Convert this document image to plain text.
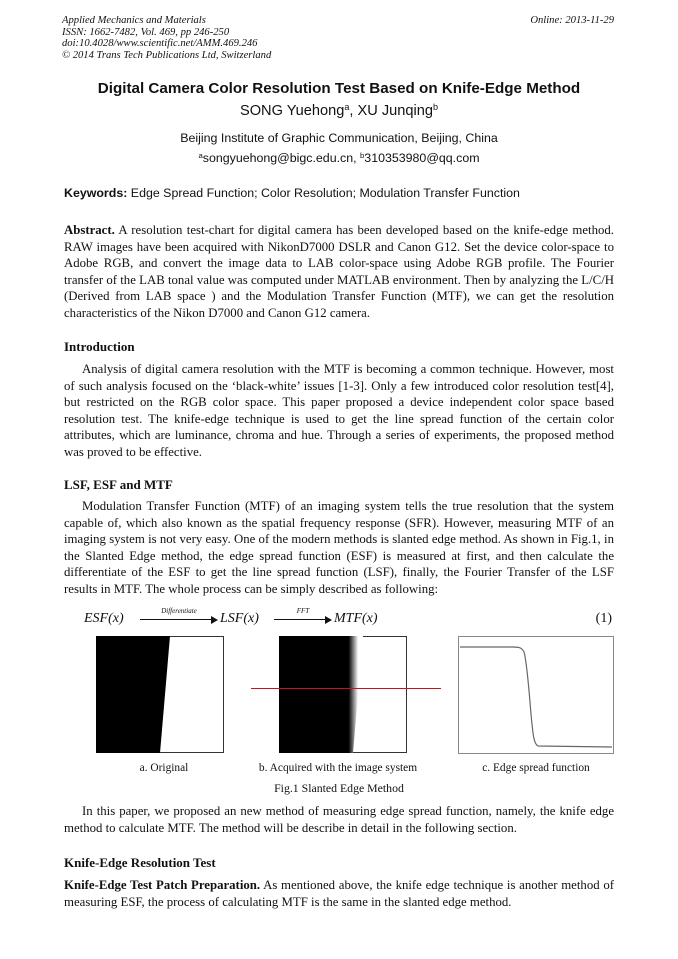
Applied Mechanics and Materials
ISSN: 1662-7482, Vol. 469, pp 246-250
doi:10.4028/www.scientific.net/AMM.469.246
© 2014 Trans Tech Publications Ltd, Switzerland
Online: 2013-11-29
Digital Camera Color Resolution Test Based on Knife-Edge Method
SONG Yuehong$^a$, XU Junqing$^b$
Beijing Institute of Graphic Communication, Beijing, China
$^a$songyuehong@bigc.edu.cn, $^b$310353980@qq.com
Keywords: Edge Spread Function; Color Resolution; Modulation Transfer Function
Abstract. A resolution test-chart for digital camera has been developed based on the knife-edge method. RAW images have been acquired with NikonD7000 DSLR and Canon G12. Set the device color-space to Adobe RGB, and convert the image data to LAB color-space using Adobe RGB profile. The Fourier transfer of the LAB tonal value was computed under MATLAB environment. Then by analyzing the L/C/H (Derived from LAB space ) and the Modulation Transfer Function (MTF), we can get the resolution characteristics of the Nikon D7000 and Canon G12 camera.
Introduction
Analysis of digital camera resolution with the MTF is becoming a common technique. However, most of such analysis focused on the ‘black-white’ issues [1-3]. Only a few introduced color resolution test[4], but restricted on the RGB color space. This paper proposed a device independent color space based resolution test. The knife-edge technique is used to get the line spread function of the certain color attributes, which are luminance, chroma and hue. Through a series of experiments, the proposed method was proved to be effective.
LSF, ESF and MTF
Modulation Transfer Function (MTF) of an imaging system tells the true resolution that the system capable of, which also known as the spatial frequency response (SFR). However, measuring MTF of an imaging system is not very easy. One of the modern methods is slanted edge method. As shown in Fig.1, in the Slanted Edge method, the edge spread function (ESF) is measured at first, and then calculate the differentiate of the ESF to get the line spread function (LSF), finally, the Fourier Transfer of the LSF results in MTF. The whole process can be simply described as following:
ESF(x)	Differentiate	LSF(x)	FFT	MTF(x)	(1)
a. Original	b. Acquired with the image system	c. Edge spread function
Fig.1 Slanted Edge Method
In this paper, we proposed an new method of measuring edge spread function, namely, the knife edge method to calculate MTF. The method will be describe in detail in the following section.
Knife-Edge Resolution Test
Knife-Edge Test Patch Preparation. As mentioned above, the knife edge technique is another method of measuring ESF, the process of calculating MTF is the same in the slanted edge method.
